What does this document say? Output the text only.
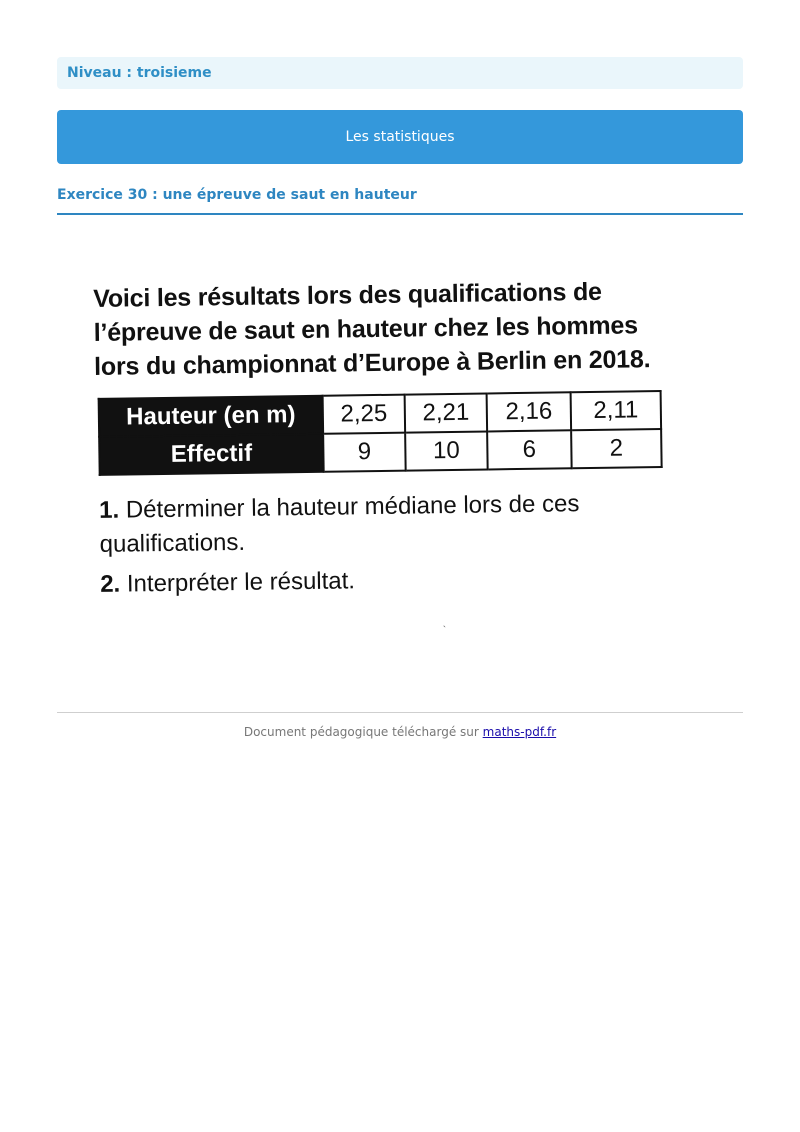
Niveau : troisieme
Les statistiques
Exercice 30 : une épreuve de saut en hauteur
Voici les résultats lors des qualifications de
l’épreuve de saut en hauteur chez les hommes
lors du championnat d’Europe à Berlin en 2018.
Hauteur (en m)	2,25	2,21	2,16	2,11
Effectif	9	10	6	2
1. Déterminer la hauteur médiane lors de ces
qualifications.
2. Interpréter le résultat.
`
Document pédagogique téléchargé sur maths-pdf.fr
